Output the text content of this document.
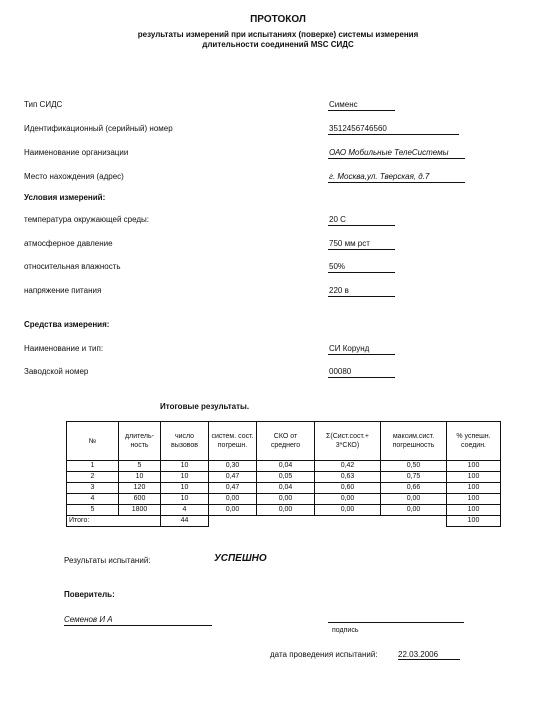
ПРОТОКОЛ
результаты измерений при испытаниях (поверке) системы измерения
длительности соединений MSC СИДС
Тип СИДС	Сименс
Идентификационный (серийный) номер	3512456746560
Наименование организации	ОАО Мобильные ТелеСистемы
Место нахождения (адрес)	г. Москва,ул. Тверская, д.7
Условия измерений:
температура окружающей среды:	20 С
атмосферное давление	750 мм рст
относительная влажность	50%
напряжение питания	220 в
Средства измерения:
Наименование и тип:	СИ Корунд
Заводской номер	00080
Итоговые результаты.
№	длитель-ность	число вызовов	систем. сост. погрешн.	СКО от среднего	Σ(Сист.сост.+ 3*СКО)	максим.сист. погрешность	% успешн. соедин.
1	5	10	0,30	0,04	0,42	0,50	100
2	10	10	0,47	0,05	0,63	0,75	100
3	120	10	0,47	0,04	0,60	0,66	100
4	600	10	0,00	0,00	0,00	0,00	100
5	1800	4	0,00	0,00	0,00	0,00	100
Итого:		44					100
Результаты испытаний:	УСПЕШНО
Поверитель:
Семенов И А
подпись
дата проведения испытаний:	22.03.2006
